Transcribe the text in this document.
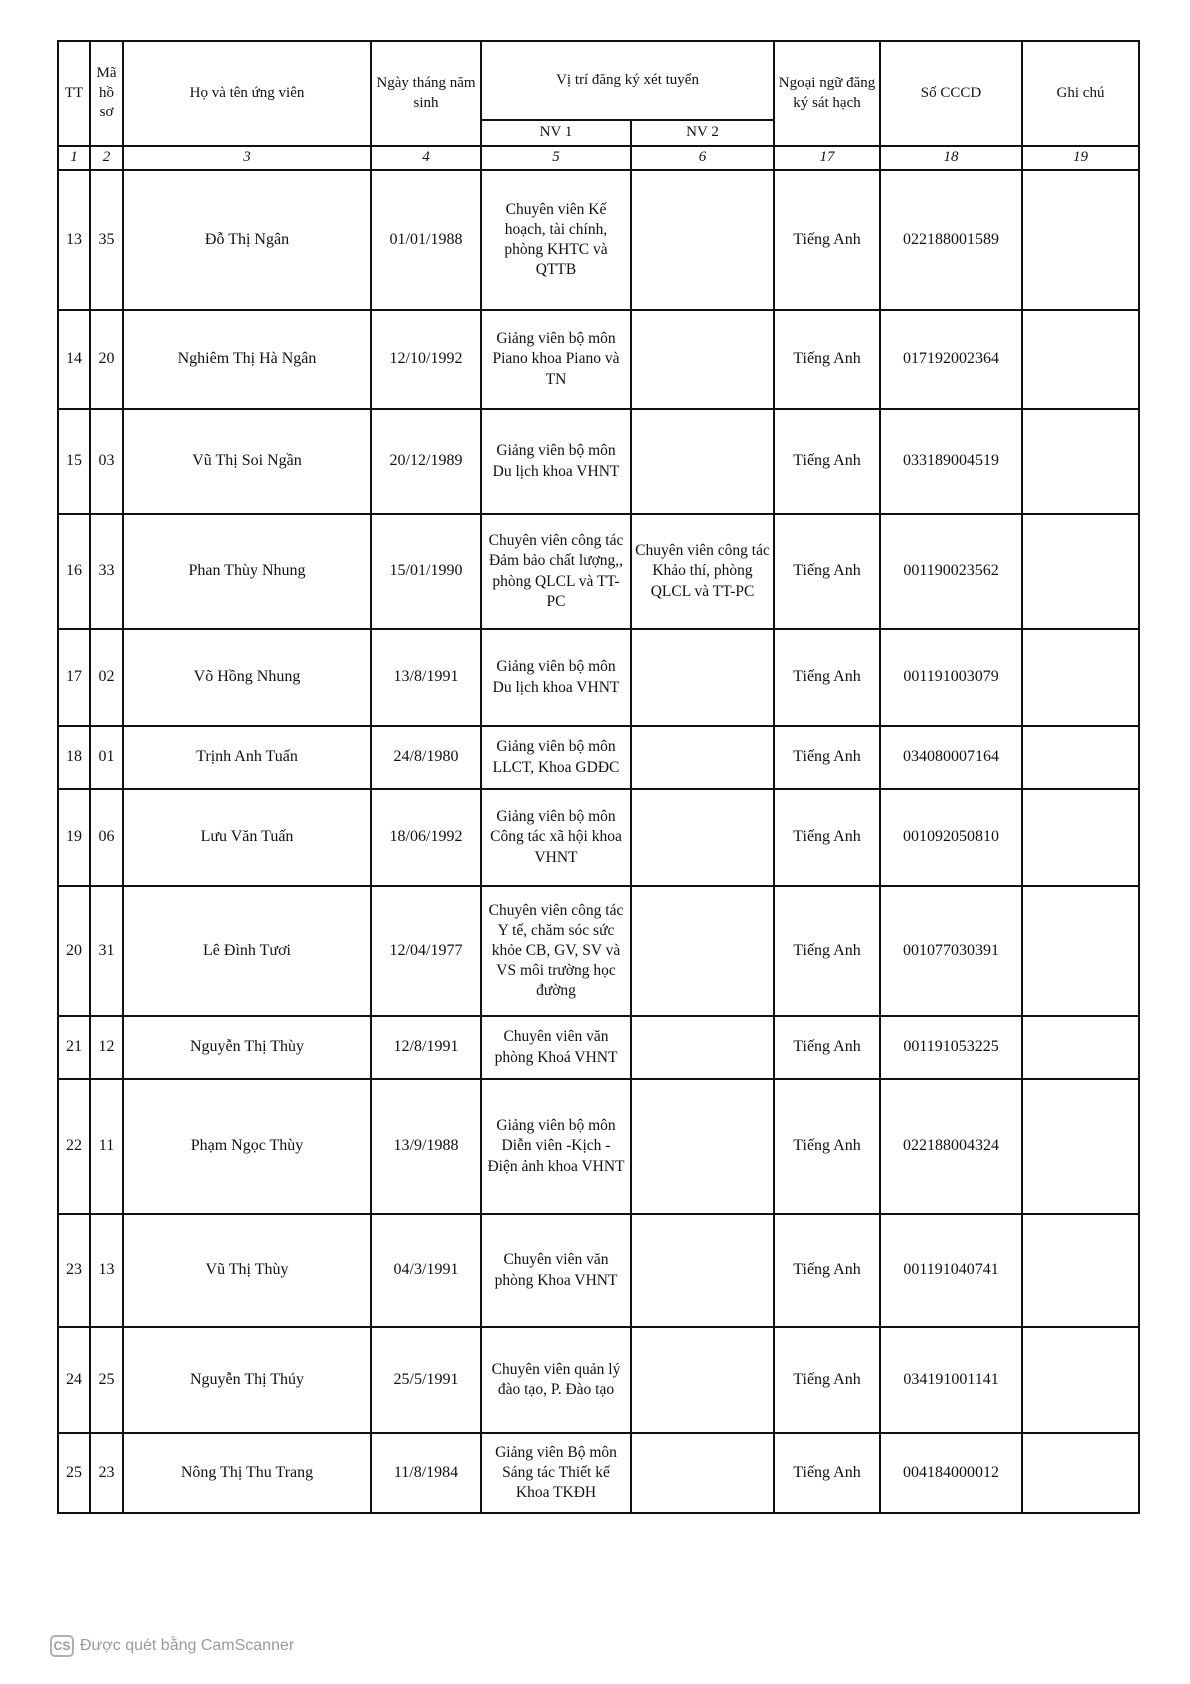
TT	Mã hồ sơ	Họ và tên ứng viên	Ngày tháng năm sinh	Vị trí đăng ký xét tuyển		Ngoại ngữ đăng ký sát hạch	Số CCCD	Ghi chú
				NV 1	NV 2			
1	2	3	4	5	6	17	18	19
13	35	Đỗ Thị Ngân	01/01/1988	Chuyên viên Kế hoạch, tài chính, phòng KHTC và QTTB		Tiếng Anh	022188001589	
14	20	Nghiêm Thị Hà Ngân	12/10/1992	Giảng viên bộ môn Piano khoa Piano và TN		Tiếng Anh	017192002364	
15	03	Vũ Thị Soi Ngần	20/12/1989	Giảng viên bộ môn Du lịch khoa VHNT		Tiếng Anh	033189004519	
16	33	Phan Thùy Nhung	15/01/1990	Chuyên viên công tác Đảm bảo chất lượng,, phòng QLCL và TT- PC	Chuyên viên công tác Khảo thí, phòng QLCL và TT-PC	Tiếng Anh	001190023562	
17	02	Võ Hồng Nhung	13/8/1991	Giảng viên bộ môn Du lịch khoa VHNT		Tiếng Anh	001191003079	
18	01	Trịnh Anh Tuấn	24/8/1980	Giảng viên bộ môn LLCT, Khoa GDĐC		Tiếng Anh	034080007164	
19	06	Lưu Văn Tuấn	18/06/1992	Giảng viên bộ môn Công tác xã hội khoa VHNT		Tiếng Anh	001092050810	
20	31	Lê Đình Tươi	12/04/1977	Chuyên viên công tác Y tế, chăm sóc sức khỏe CB, GV, SV và VS môi trường học đường		Tiếng Anh	001077030391	
21	12	Nguyễn Thị Thùy	12/8/1991	Chuyên viên văn phòng Khoá VHNT		Tiếng Anh	001191053225	
22	11	Phạm Ngọc Thùy	13/9/1988	Giảng viên bộ môn Diễn viên -Kịch - Điện ảnh khoa VHNT		Tiếng Anh	022188004324	
23	13	Vũ Thị Thùy	04/3/1991	Chuyên viên văn phòng Khoa VHNT		Tiếng Anh	001191040741	
24	25	Nguyễn Thị Thúy	25/5/1991	Chuyên viên quản lý đào tạo, P. Đào tạo		Tiếng Anh	034191001141	
25	23	Nông Thị Thu Trang	11/8/1984	Giảng viên Bộ môn Sáng tác Thiết kế Khoa TKĐH		Tiếng Anh	004184000012	
CS Được quét bằng CamScanner
